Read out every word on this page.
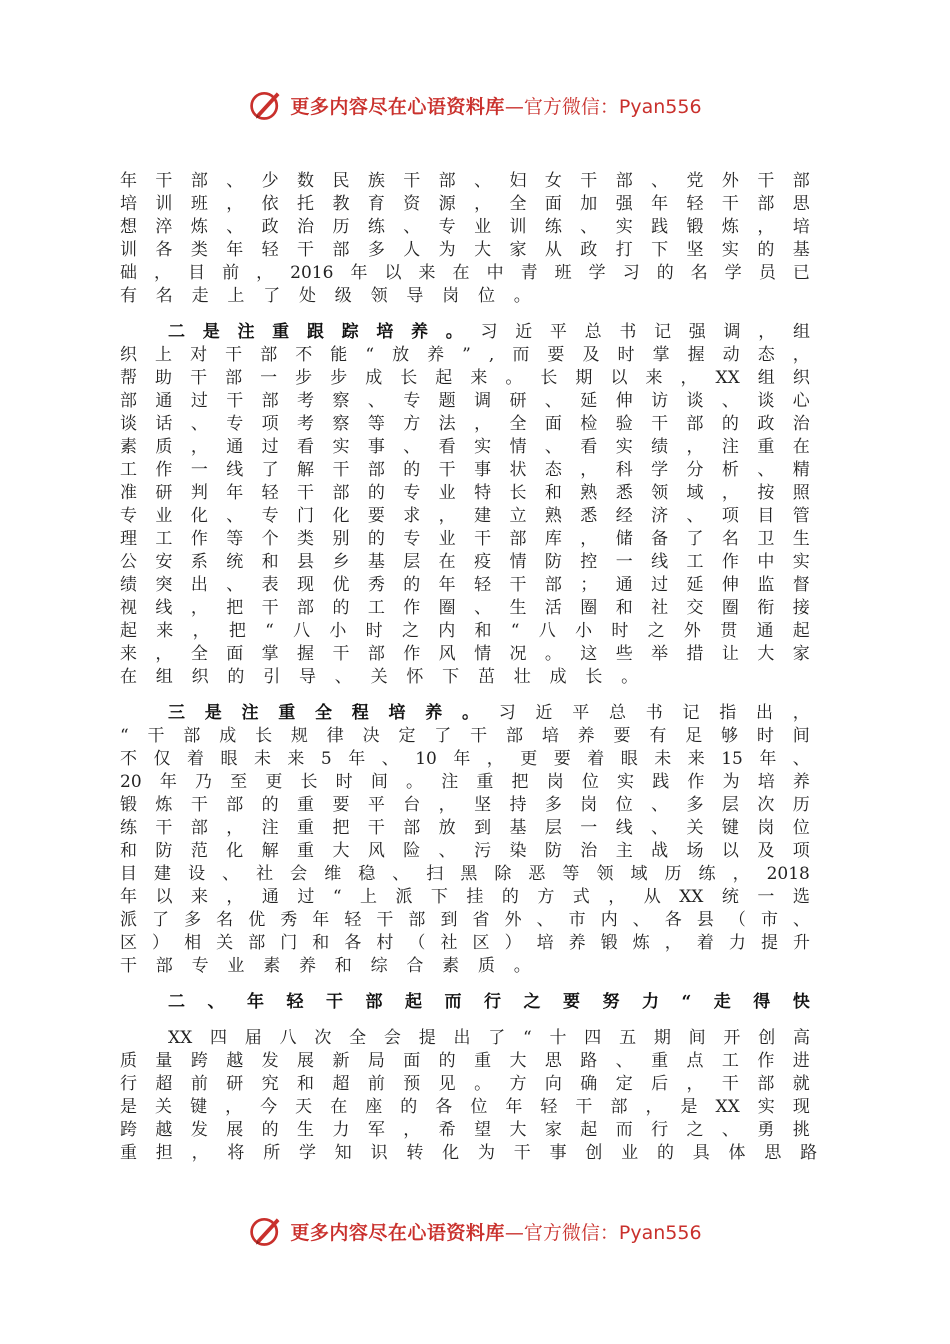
更多内容尽在心语资料库 —官方微信：Pyan556
年 干 部 、 少 数 民 族 干 部 、 妇 女 干 部 、 党 外 干 部
培 训 班 ， 依 托 教 育 资 源 ， 全 面 加 强 年 轻 干 部 思
想 淬 炼 、 政 治 历 练 、 专 业 训 练 、 实 践 锻 炼 ， 培
训 各 类 年 轻 干 部 多 人 为 大 家 从 政 打 下 坚 实 的 基
础 ， 目 前 ， 2016 年 以 来 在 中 青 班 学 习 的 名 学 员 已
有 名 走 上 了 处 级 领 导 岗 位 。
二 是 注 重 跟 踪 培 养 。 习 近 平 总 书 记 强 调 ， 组
织 上 对 干 部 不 能 “ 放 养 ” , 而 要 及 时 掌 握 动 态 ，
帮 助 干 部 一 步 步 成 长 起 来 。 长 期 以 来 ， XX 组 织
部 通 过 干 部 考 察 、 专 题 调 研 、 延 伸 访 谈 、 谈 心
谈 话 、 专 项 考 察 等 方 法 ， 全 面 检 验 干 部 的 政 治
素 质 ， 通 过 看 实 事 、 看 实 情 、 看 实 绩 ， 注 重 在
工 作 一 线 了 解 干 部 的 干 事 状 态 ， 科 学 分 析 、 精
准 研 判 年 轻 干 部 的 专 业 特 长 和 熟 悉 领 域 ， 按 照
专 业 化 、 专 门 化 要 求 ， 建 立 熟 悉 经 济 、 项 目 管
理 工 作 等 个 类 别 的 专 业 干 部 库 ， 储 备 了 名 卫 生
公 安 系 统 和 县 乡 基 层 在 疫 情 防 控 一 线 工 作 中 实
绩 突 出 、 表 现 优 秀 的 年 轻 干 部 ； 通 过 延 伸 监 督
视 线 ， 把 干 部 的 工 作 圈 、 生 活 圈 和 社 交 圈 衔 接
起 来 ， 把 “ 八 小 时 之 内 和 “ 八 小 时 之 外 贯 通 起
来 ， 全 面 掌 握 干 部 作 风 情 况 。 这 些 举 措 让 大 家
在 组 织 的 引 导 、 关 怀 下 茁 壮 成 长 。
三 是 注 重 全 程 培 养 。 习 近 平 总 书 记 指 出 ，
“ 干 部 成 长 规 律 决 定 了 干 部 培 养 要 有 足 够 时 间
不 仅 着 眼 未 来 5 年 、 10 年 ， 更 要 着 眼 未 来 15 年 、
20 年 乃 至 更 长 时 间 。 注 重 把 岗 位 实 践 作 为 培 养
锻 炼 干 部 的 重 要 平 台 ， 坚 持 多 岗 位 、 多 层 次 历
练 干 部 ， 注 重 把 干 部 放 到 基 层 一 线 、 关 键 岗 位
和 防 范 化 解 重 大 风 险 、 污 染 防 治 主 战 场 以 及 项
目 建 设 、 社 会 维 稳 、 扫 黑 除 恶 等 领 域 历 练 ， 2018
年 以 来 ， 通 过 “ 上 派 下 挂 的 方 式 ， 从 XX 统 一 选
派 了 多 名 优 秀 年 轻 干 部 到 省 外 、 市 内 、 各 县 （ 市 、
区 ） 相 关 部 门 和 各 村 （ 社 区 ） 培 养 锻 炼 ， 着 力 提 升
干 部 专 业 素 养 和 综 合 素 质 。
二 、 年 轻 干 部 起 而 行 之 要 努 力 “ 走 得 快
XX 四 届 八 次 全 会 提 出 了 “ 十 四 五 期 间 开 创 高
质 量 跨 越 发 展 新 局 面 的 重 大 思 路 、 重 点 工 作 进
行 超 前 研 究 和 超 前 预 见 。 方 向 确 定 后 ， 干 部 就
是 关 键 ， 今 天 在 座 的 各 位 年 轻 干 部 ， 是 XX 实 现
跨 越 发 展 的 生 力 军 ， 希 望 大 家 起 而 行 之 、 勇 挑
重 担 ， 将 所 学 知 识 转 化 为 干 事 创 业 的 具 体 思 路
更多内容尽在心语资料库 —官方微信：Pyan556
